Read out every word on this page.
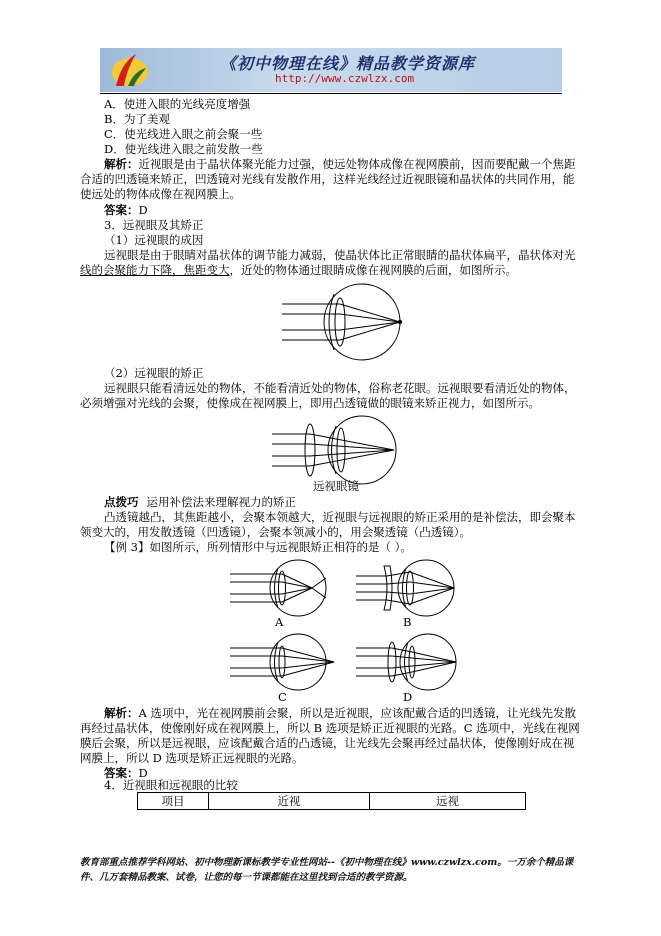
《初中物理在线》精品教学资源库
http://www.czwlzx.com
A．使进入眼的光线亮度增强
B．为了美观
C．使光线进入眼之前会聚一些
D．使光线进入眼之前发散一些
解析：近视眼是由于晶状体聚光能力过强，使远处物体成像在视网膜前，因而要配戴一个焦距
合适的凹透镜来矫正，凹透镜对光线有发散作用，这样光线经过近视眼镜和晶状体的共同作用，能
使远处的物体成像在视网膜上。
答案：D
3．远视眼及其矫正
（1）远视眼的成因
远视眼是由于眼睛对晶状体的调节能力减弱，使晶状体比正常眼睛的晶状体扁平，晶状体对光
线的会聚能力下降，焦距变大，近处的物体通过眼睛成像在视网膜的后面，如图所示。
（2）远视眼的矫正
远视眼只能看清远处的物体，不能看清近处的物体，俗称老花眼。远视眼要看清近处的物体，
必须增强对光线的会聚，使像成在视网膜上，即用凸透镜做的眼镜来矫正视力，如图所示。
远视眼镜
点拨巧 运用补偿法来理解视力的矫正
凸透镜越凸，其焦距越小，会聚本领越大，近视眼与远视眼的矫正采用的是补偿法，即会聚本
领变大的，用发散透镜（凹透镜），会聚本领减小的，用会聚透镜（凸透镜）。
【例 3】如图所示，所列情形中与远视眼矫正相符的是（ ）。
A	B
C	D
解析：A 选项中，光在视网膜前会聚，所以是近视眼，应该配戴合适的凹透镜，让光线先发散
再经过晶状体，使像刚好成在视网膜上，所以 B 选项是矫正近视眼的光路。C 选项中，光线在视网
膜后会聚，所以是远视眼，应该配戴合适的凸透镜，让光线先会聚再经过晶状体，使像刚好成在视
网膜上，所以 D 选项是矫正远视眼的光路。
答案：D
4．近视眼和远视眼的比较
项目	近视	远视
教育部重点推荐学科网站、初中物理新课标教学专业性网站--《初中物理在线》www.czwlzx.com。一万余个精品课
件、几万套精品教案、试卷，让您的每一节课都能在这里找到合适的教学资源。
